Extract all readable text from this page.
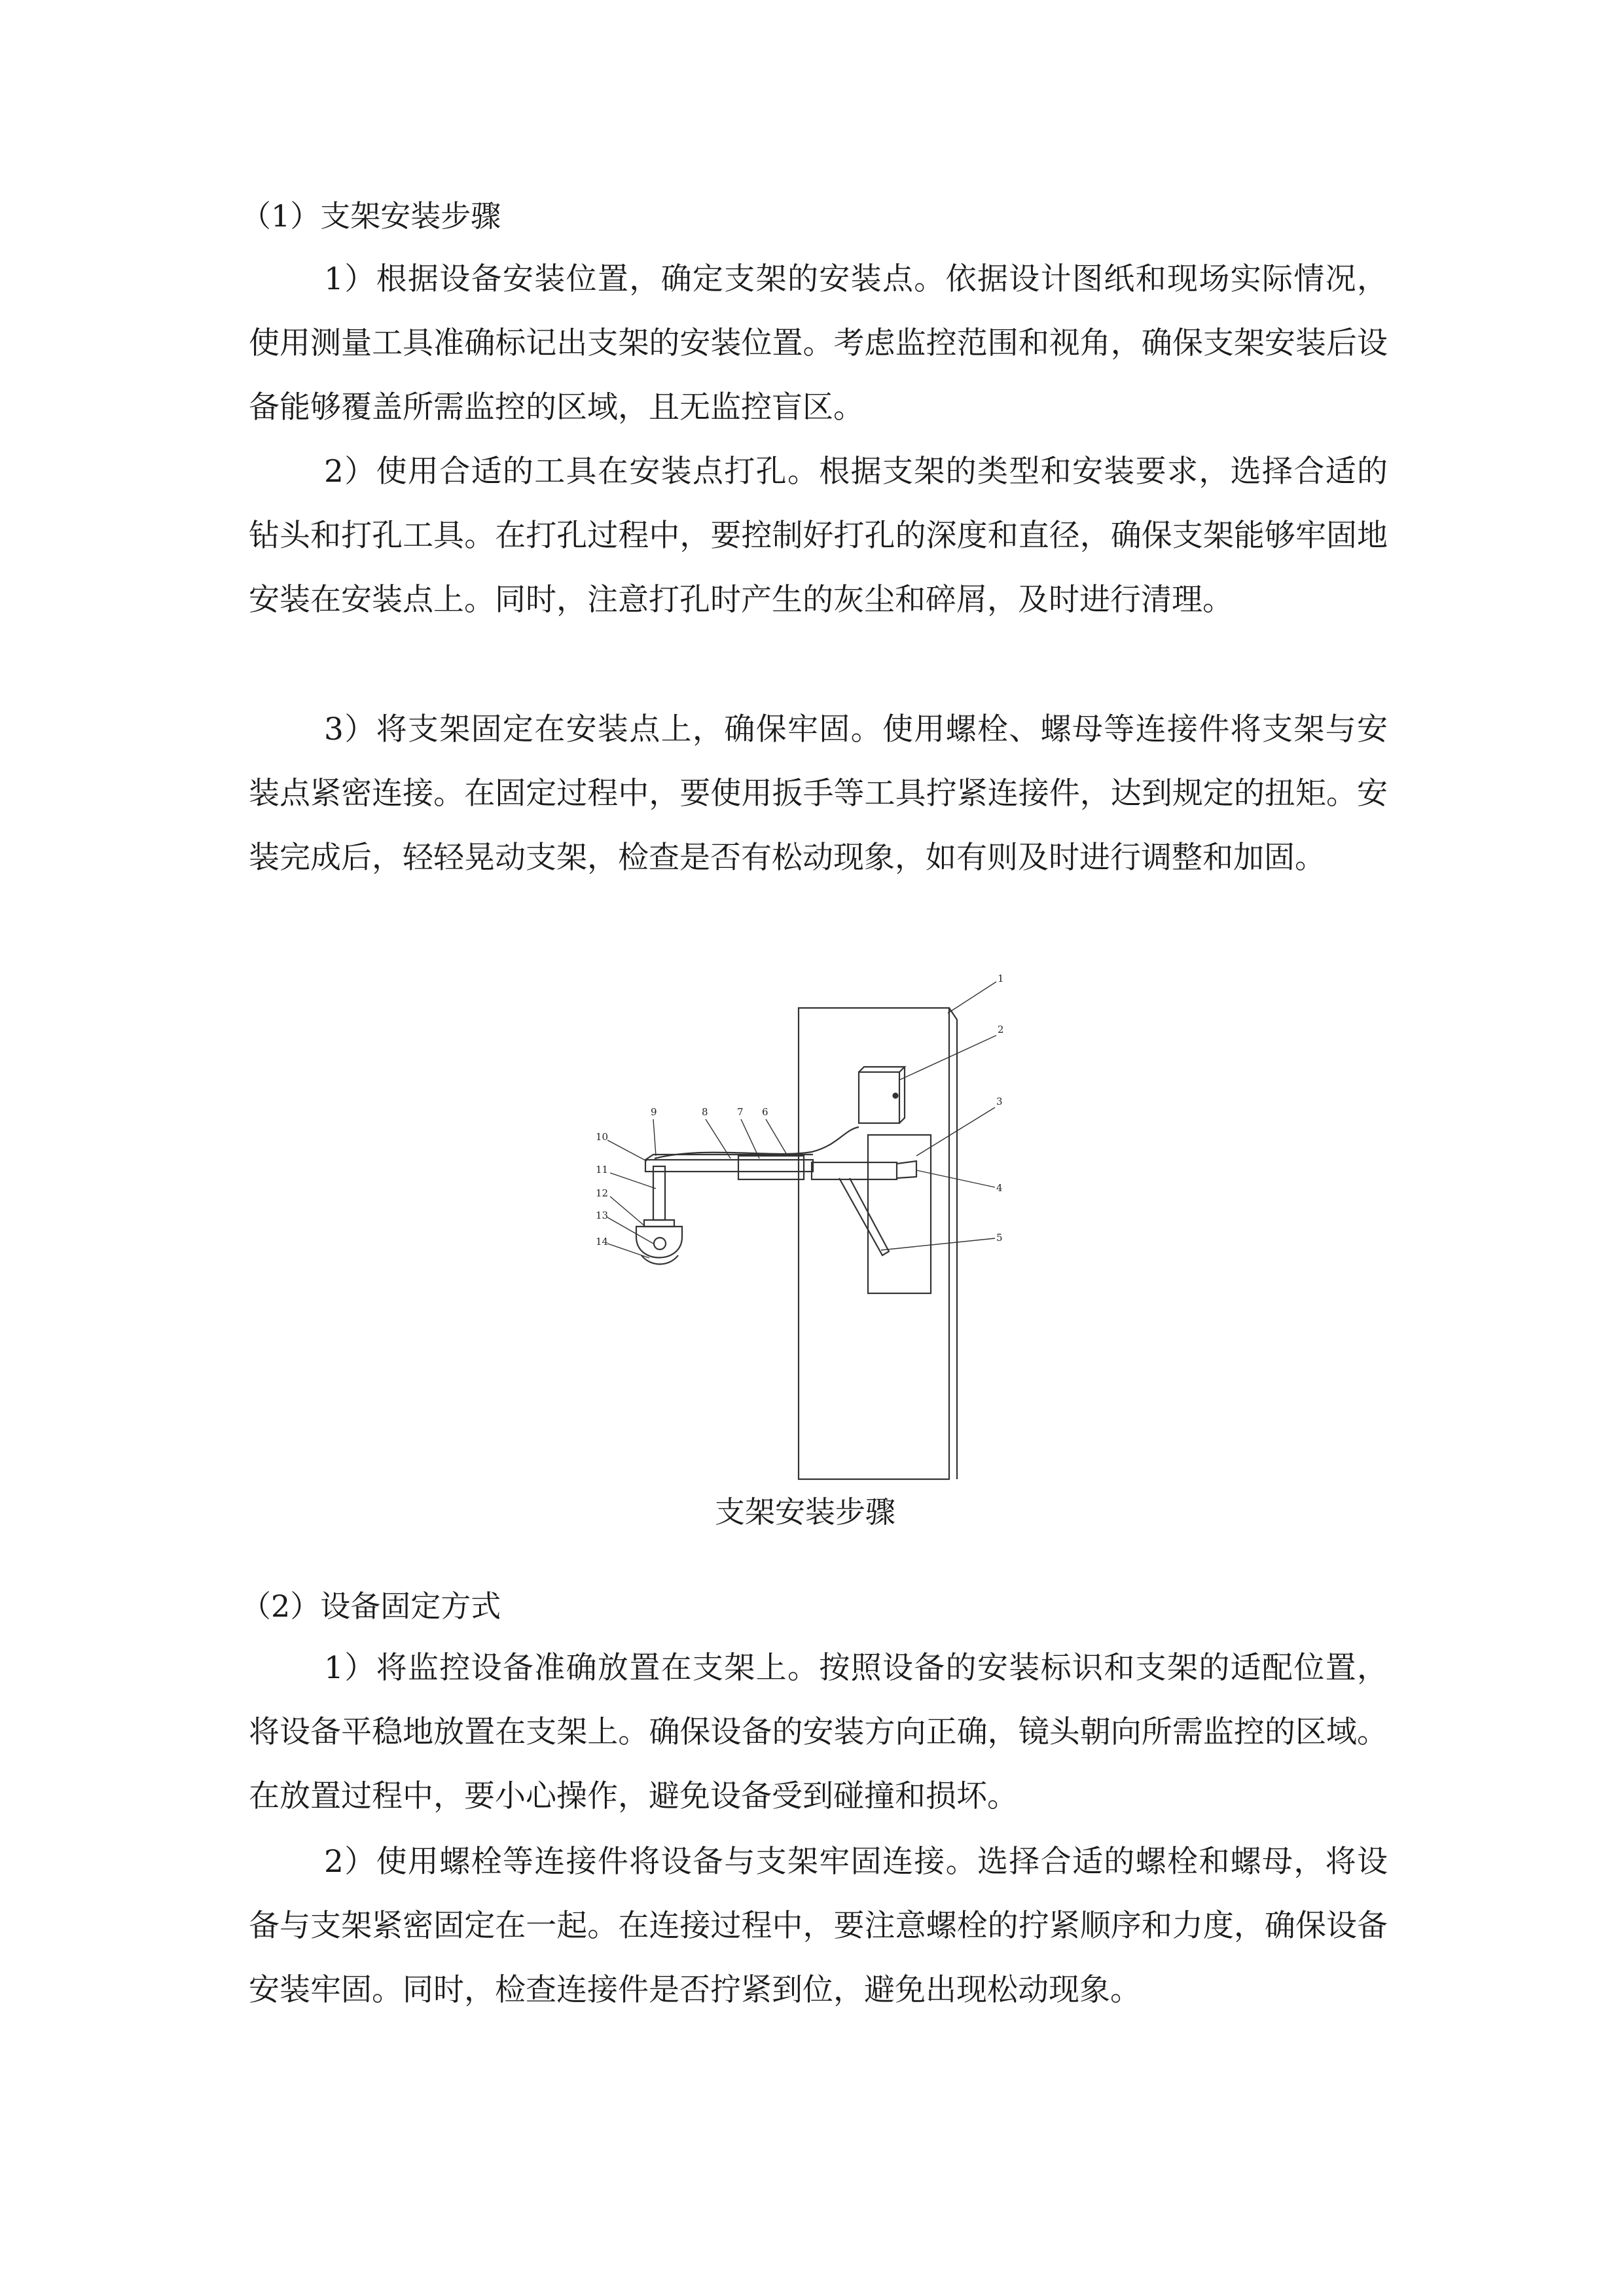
（1）支架安装步骤

1）根据设备安装位置，确定支架的安装点。依据设计图纸和现场实际情况，使用测量工具准确标记出支架的安装位置。考虑监控范围和视角，确保支架安装后设备能够覆盖所需监控的区域，且无监控盲区。

2）使用合适的工具在安装点打孔。根据支架的类型和安装要求，选择合适的钻头和打孔工具。在打孔过程中，要控制好打孔的深度和直径，确保支架能够牢固地安装在安装点上。同时，注意打孔时产生的灰尘和碎屑，及时进行清理。

3）将支架固定在安装点上，确保牢固。使用螺栓、螺母等连接件将支架与安装点紧密连接。在固定过程中，要使用扳手等工具拧紧连接件，达到规定的扭矩。安装完成后，轻轻晃动支架，检查是否有松动现象，如有则及时进行调整和加固。

1
2
3
4
5
6
7
8
9
10
11
12
13
14
支架安装步骤
（2）设备固定方式

1）将监控设备准确放置在支架上。按照设备的安装标识和支架的适配位置，将设备平稳地放置在支架上。确保设备的安装方向正确，镜头朝向所需监控的区域。在放置过程中，要小心操作，避免设备受到碰撞和损坏。

2）使用螺栓等连接件将设备与支架牢固连接。选择合适的螺栓和螺母，将设备与支架紧密固定在一起。在连接过程中，要注意螺栓的拧紧顺序和力度，确保设备安装牢固。同时，检查连接件是否拧紧到位，避免出现松动现象。
